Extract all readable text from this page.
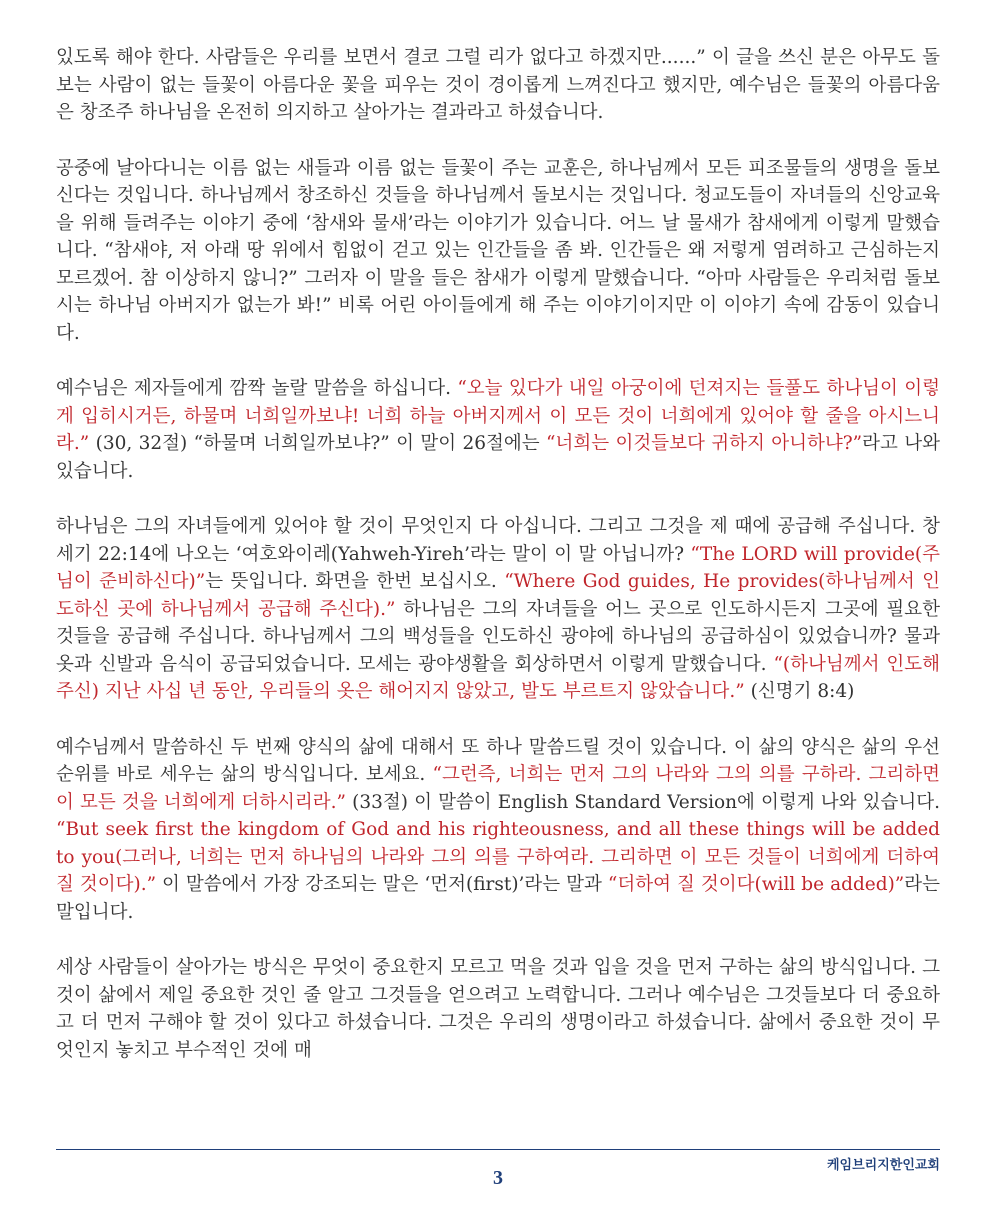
있도록 해야 한다. 사람들은 우리를 보면서 결코 그럴 리가 없다고 하겠지만......” 이 글을 쓰신 분은 아무도 돌보는 사람이 없는 들꽃이 아름다운 꽃을 피우는 것이 경이롭게 느껴진다고 했지만, 예수님은 들꽃의 아름다움은 창조주 하나님을 온전히 의지하고 살아가는 결과라고 하셨습니다.

공중에 날아다니는 이름 없는 새들과 이름 없는 들꽃이 주는 교훈은, 하나님께서 모든 피조물들의 생명을 돌보신다는 것입니다. 하나님께서 창조하신 것들을 하나님께서 돌보시는 것입니다. 청교도들이 자녀들의 신앙교육을 위해 들려주는 이야기 중에 ‘참새와 물새’라는 이야기가 있습니다. 어느 날 물새가 참새에게 이렇게 말했습니다. “참새야, 저 아래 땅 위에서 힘없이 걷고 있는 인간들을 좀 봐. 인간들은 왜 저렇게 염려하고 근심하는지 모르겠어. 참 이상하지 않니?” 그러자 이 말을 들은 참새가 이렇게 말했습니다. “아마 사람들은 우리처럼 돌보시는 하나님 아버지가 없는가 봐!” 비록 어린 아이들에게 해 주는 이야기이지만 이 이야기 속에 감동이 있습니다.

예수님은 제자들에게 깜짝 놀랄 말씀을 하십니다. “오늘 있다가 내일 아궁이에 던져지는 들풀도 하나님이 이렇게 입히시거든, 하물며 너희일까보냐! 너희 하늘 아버지께서 이 모든 것이 너희에게 있어야 할 줄을 아시느니라.” (30, 32절) “하물며 너희일까보냐?” 이 말이 26절에는 “너희는 이것들보다 귀하지 아니하냐?”라고 나와 있습니다.

하나님은 그의 자녀들에게 있어야 할 것이 무엇인지 다 아십니다. 그리고 그것을 제 때에 공급해 주십니다. 창세기 22:14에 나오는 ‘여호와이레(Yahweh-Yireh’라는 말이 이 말 아닙니까? “The LORD will provide(주님이 준비하신다)”는 뜻입니다. 화면을 한번 보십시오. “Where God guides, He provides(하나님께서 인도하신 곳에 하나님께서 공급해 주신다).” 하나님은 그의 자녀들을 어느 곳으로 인도하시든지 그곳에 필요한 것들을 공급해 주십니다. 하나님께서 그의 백성들을 인도하신 광야에 하나님의 공급하심이 있었습니까? 물과 옷과 신발과 음식이 공급되었습니다. 모세는 광야생활을 회상하면서 이렇게 말했습니다. “(하나님께서 인도해 주신) 지난 사십 년 동안, 우리들의 옷은 해어지지 않았고, 발도 부르트지 않았습니다.” (신명기 8:4)

예수님께서 말씀하신 두 번째 양식의 삶에 대해서 또 하나 말씀드릴 것이 있습니다. 이 삶의 양식은 삶의 우선 순위를 바로 세우는 삶의 방식입니다. 보세요. “그런즉, 너희는 먼저 그의 나라와 그의 의를 구하라. 그리하면 이 모든 것을 너희에게 더하시리라.” (33절) 이 말씀이 English Standard Version에 이렇게 나와 있습니다. “But seek first the kingdom of God and his righteousness, and all these things will be added to you(그러나, 너희는 먼저 하나님의 나라와 그의 의를 구하여라. 그리하면 이 모든 것들이 너희에게 더하여 질 것이다).” 이 말씀에서 가장 강조되는 말은 ‘먼저(first)’라는 말과 “더하여 질 것이다(will be added)”라는 말입니다.

세상 사람들이 살아가는 방식은 무엇이 중요한지 모르고 먹을 것과 입을 것을 먼저 구하는 삶의 방식입니다. 그것이 삶에서 제일 중요한 것인 줄 알고 그것들을 얻으려고 노력합니다. 그러나 예수님은 그것들보다 더 중요하고 더 먼저 구해야 할 것이 있다고 하셨습니다. 그것은 우리의 생명이라고 하셨습니다. 삶에서 중요한 것이 무엇인지 놓치고 부수적인 것에 매

케임브리지한인교회
3
